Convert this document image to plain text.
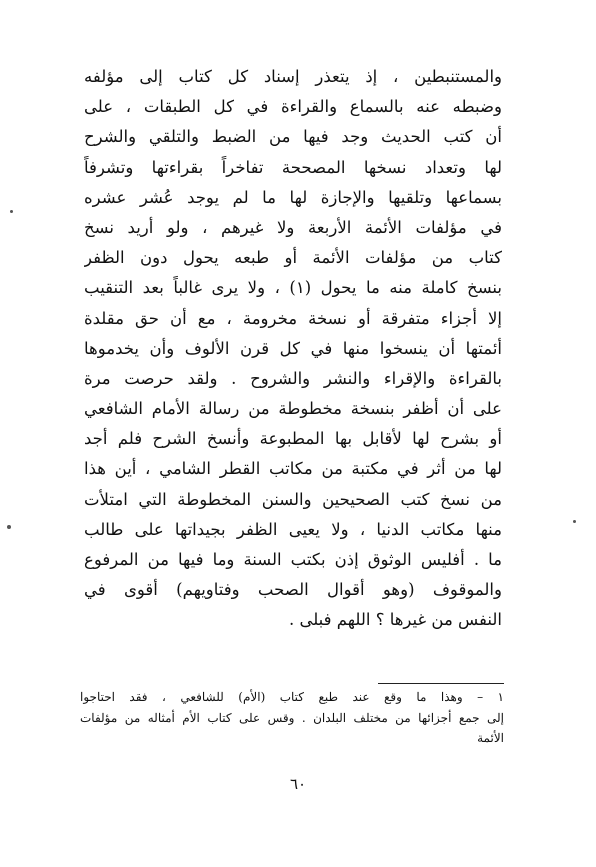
والمستنبطين ، إذ يتعذر إسناد كل كتاب إلى مؤلفه
وضبطه عنه بالسماع والقراءة في كل الطبقات ، على
أن كتب الحديث وجد فيها من الضبط والتلقي والشرح
لها وتعداد نسخها المصححة تفاخراً بقراءتها وتشرفاً
بسماعها وتلقيها والإجازة لها ما لم يوجد عُشر عشره
في مؤلفات الأئمة الأربعة ولا غيرهم ، ولو أريد نسخ
كتاب من مؤلفات الأئمة أو طبعه يحول دون الظفر
بنسخ كاملة منه ما يحول (١) ، ولا يرى غالباً بعد التنقيب
إلا أجزاء متفرقة أو نسخة مخرومة ، مع أن حق مقلدة
أئمتها أن ينسخوا منها في كل قرن الألوف وأن يخدموها
بالقراءة والإقراء والنشر والشروح . ولقد حرصت مرة
على أن أظفر بنسخة مخطوطة من رسالة الأمام الشافعي
أو بشرح لها لأقابل بها المطبوعة وأنسخ الشرح فلم أجد
لها من أثر في مكتبة من مكاتب القطر الشامي ، أين هذا
من نسخ كتب الصحيحين والسنن المخطوطة التي امتلأت
منها مكاتب الدنيا ، ولا يعيى الظفر بجيداتها على طالب
ما . أفليس الوثوق إذن بكتب السنة وما فيها من المرفوع
والموقوف (وهو أقوال الصحب وفتاويهم) أقوى في
النفس من غيرها ؟ اللهم فبلى .
١ – وهذا ما وقع عند طبع كتاب (الأم) للشافعي ، فقد احتاجوا
إلى جمع أجزائها من مختلف البلدان . وقس على كتاب الأم أمثاله من مؤلفات
الأئمة
٦٠
